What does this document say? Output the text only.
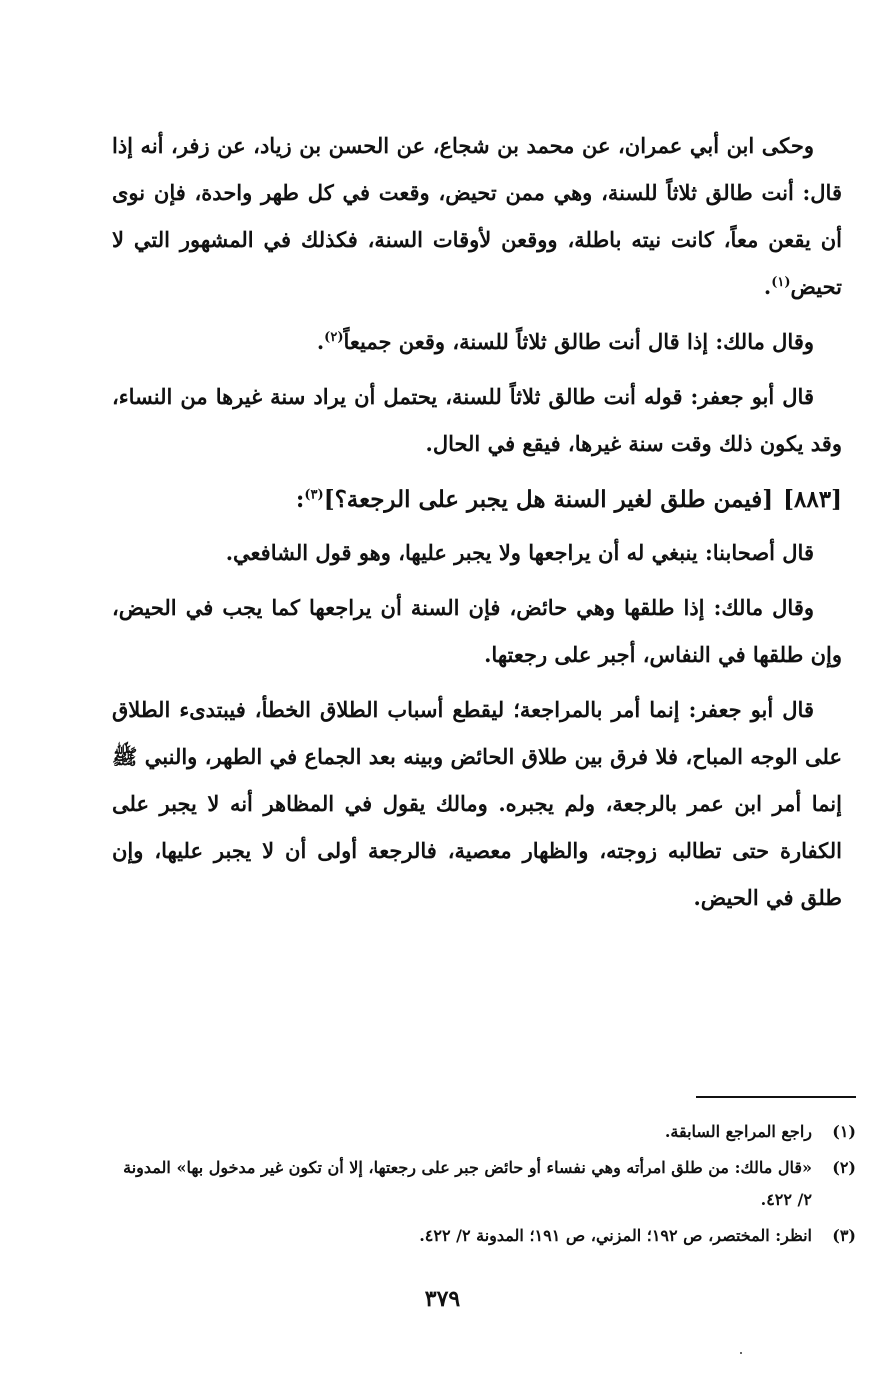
وحكى ابن أبي عمران، عن محمد بن شجاع، عن الحسن بن زياد، عن زفر، أنه إذا قال: أنت طالق ثلاثاً للسنة، وهي ممن تحيض، وقعت في كل طهر واحدة، فإن نوى أن يقعن معاً، كانت نيته باطلة، ووقعن لأوقات السنة، فكذلك في المشهور التي لا تحيض$^{(١)}$.

وقال مالك: إذا قال أنت طالق ثلاثاً للسنة، وقعن جميعاً$^{(٢)}$.

قال أبو جعفر: قوله أنت طالق ثلاثاً للسنة، يحتمل أن يراد سنة غيرها من النساء، وقد يكون ذلك وقت سنة غيرها، فيقع في الحال.

[٨٨٣][فيمن طلق لغير السنة هل يجبر على الرجعة؟]$^{(٣)}$:

قال أصحابنا: ينبغي له أن يراجعها ولا يجبر عليها، وهو قول الشافعي.

وقال مالك: إذا طلقها وهي حائض، فإن السنة أن يراجعها كما يجب في الحيض، وإن طلقها في النفاس، أجبر على رجعتها.

قال أبو جعفر: إنما أمر بالمراجعة؛ ليقطع أسباب الطلاق الخطأ، فيبتدىء الطلاق على الوجه المباح، فلا فرق بين طلاق الحائض وبينه بعد الجماع في الطهر، والنبي ﷺ إنما أمر ابن عمر بالرجعة، ولم يجبره. ومالك يقول في المظاهر أنه لا يجبر على الكفارة حتى تطالبه زوجته، والظهار معصية، فالرجعة أولى أن لا يجبر عليها، وإن طلق في الحيض.

(١)
راجع المراجع السابقة.

(٢)
«قال مالك: من طلق امرأته وهي نفساء أو حائض جبر على رجعتها، إلا أن تكون غير مدخول بها» المدونة ٢/ ٤٢٢.

(٣)
انظر: المختصر، ص ١٩٢؛ المزني، ص ١٩١؛ المدونة ٢/ ٤٢٢.

٣٧٩
